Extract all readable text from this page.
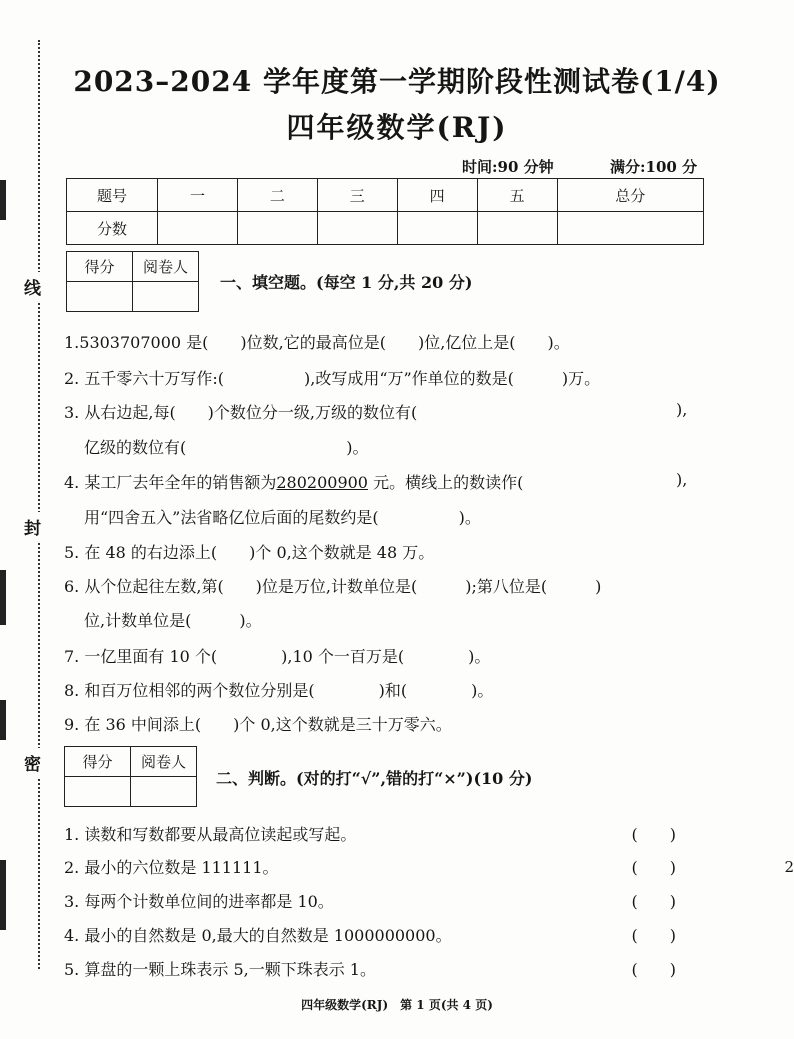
线
封
密
2023–2024 学年度第一学期阶段性测试卷(1/4)
四年级数学(RJ)
时间:90 分钟	满分:100 分
题号	一	二	三	四	五	总分
分数						
得分	阅卷人

一、填空题。(每空 1 分,共 20 分)
1.5303707000 是(　　)位数,它的最高位是(　　)位,亿位上是(　　)。
2. 五千零六十万写作:(　　　　　),改写成用“万”作单位的数是(　　　)万。
3. 从右边起,每(　　)个数位分一级,万级的数位有(	),
亿级的数位有(　　　　　　　　　　)。
4. 某工厂去年全年的销售额为280200900 元。横线上的数读作(	),
用“四舍五入”法省略亿位后面的尾数约是(　　　　　)。
5. 在 48 的右边添上(　　)个 0,这个数就是 48 万。
6. 从个位起往左数,第(　　)位是万位,计数单位是(　　　);第八位是(　　　)
位,计数单位是(　　　)。
7. 一亿里面有 10 个(　　　　),10 个一百万是(　　　　)。
8. 和百万位相邻的两个数位分别是(　　　　)和(　　　　)。
9. 在 36 中间添上(　　)个 0,这个数就是三十万零六。
得分	阅卷人

二、判断。(对的打“√”,错的打“×”)(10 分)
1. 读数和写数都要从最高位读起或写起。	(　　)
2. 最小的六位数是 111111。	(　　)
3. 每两个计数单位间的进率都是 10。	(　　)
4. 最小的自然数是 0,最大的自然数是 1000000000。	(　　)
5. 算盘的一颗上珠表示 5,一颗下珠表示 1。	(　　)
2
四年级数学(RJ)　第 1 页(共 4 页)
